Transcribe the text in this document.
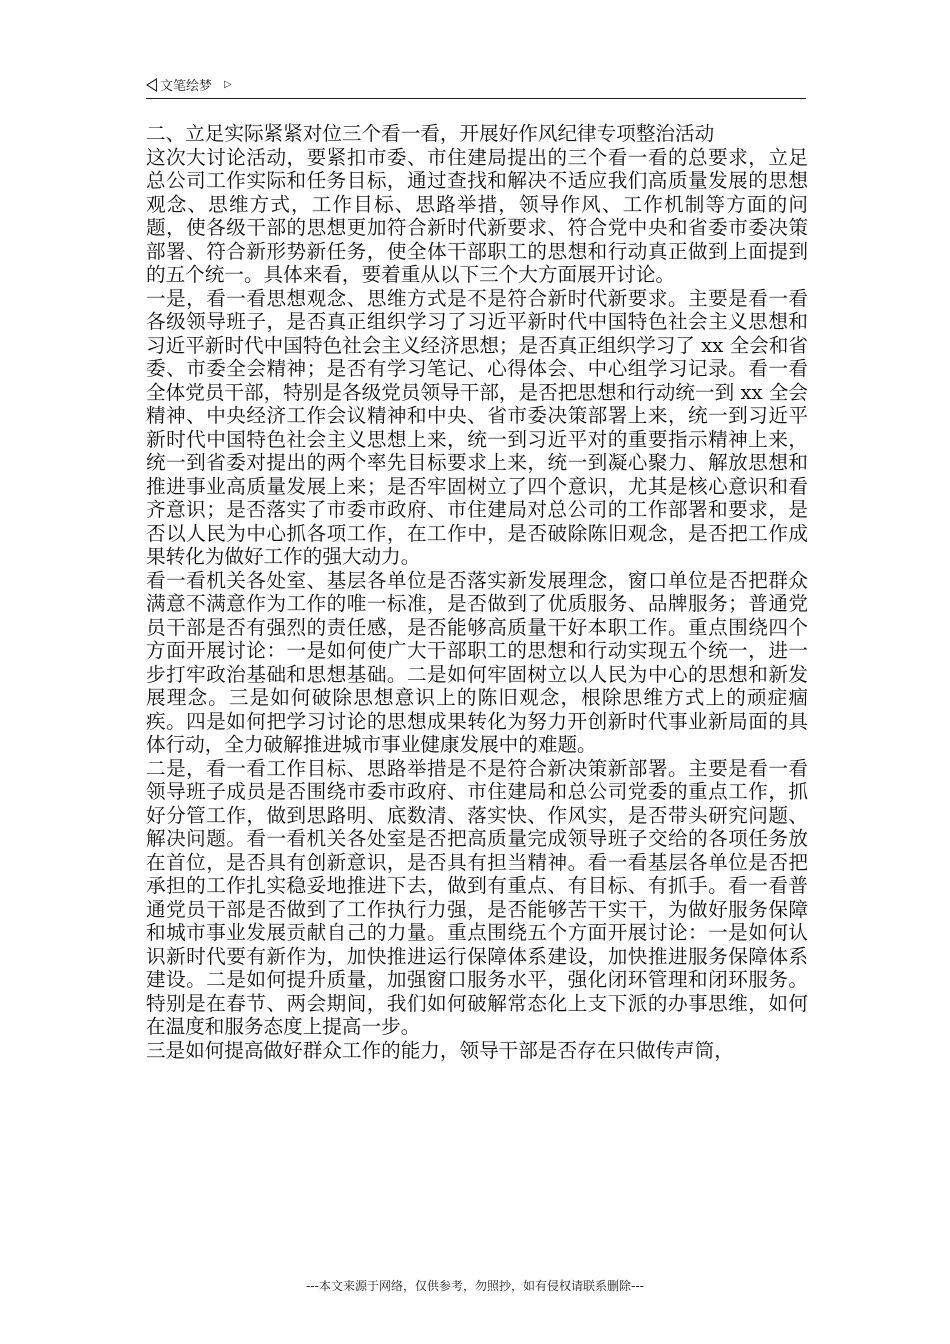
文笔绘梦 ▷

二、立足实际紧紧对位三个看一看，开展好作风纪律专项整治活动

这次大讨论活动，要紧扣市委、市住建局提出的三个看一看的总要求，立足总公司工作实际和任务目标，通过查找和解决不适应我们高质量发展的思想观念、思维方式，工作目标、思路举措，领导作风、工作机制等方面的问题，使各级干部的思想更加符合新时代新要求、符合党中央和省委市委决策部署、符合新形势新任务，使全体干部职工的思想和行动真正做到上面提到的五个统一。具体来看，要着重从以下三个大方面展开讨论。

一是，看一看思想观念、思维方式是不是符合新时代新要求。主要是看一看各级领导班子，是否真正组织学习了习近平新时代中国特色社会主义思想和习近平新时代中国特色社会主义经济思想；是否真正组织学习了 xx 全会和省委、市委全会精神；是否有学习笔记、心得体会、中心组学习记录。看一看全体党员干部，特别是各级党员领导干部，是否把思想和行动统一到 xx 全会精神、中央经济工作会议精神和中央、省市委决策部署上来，统一到习近平新时代中国特色社会主义思想上来，统一到习近平对的重要指示精神上来，统一到省委对提出的两个率先目标要求上来，统一到凝心聚力、解放思想和推进事业高质量发展上来；是否牢固树立了四个意识，尤其是核心意识和看齐意识；是否落实了市委市政府、市住建局对总公司的工作部署和要求，是否以人民为中心抓各项工作，在工作中，是否破除陈旧观念，是否把工作成果转化为做好工作的强大动力。

看一看机关各处室、基层各单位是否落实新发展理念，窗口单位是否把群众满意不满意作为工作的唯一标准，是否做到了优质服务、品牌服务；普通党员干部是否有强烈的责任感，是否能够高质量干好本职工作。重点围绕四个方面开展讨论：一是如何使广大干部职工的思想和行动实现五个统一，进一步打牢政治基础和思想基础。二是如何牢固树立以人民为中心的思想和新发展理念。三是如何破除思想意识上的陈旧观念，根除思维方式上的顽症痼疾。四是如何把学习讨论的思想成果转化为努力开创新时代事业新局面的具体行动，全力破解推进城市事业健康发展中的难题。

二是，看一看工作目标、思路举措是不是符合新决策新部署。主要是看一看领导班子成员是否围绕市委市政府、市住建局和总公司党委的重点工作，抓好分管工作，做到思路明、底数清、落实快、作风实，是否带头研究问题、解决问题。看一看机关各处室是否把高质量完成领导班子交给的各项任务放在首位，是否具有创新意识，是否具有担当精神。看一看基层各单位是否把承担的工作扎实稳妥地推进下去，做到有重点、有目标、有抓手。看一看普通党员干部是否做到了工作执行力强，是否能够苦干实干，为做好服务保障和城市事业发展贡献自己的力量。重点围绕五个方面开展讨论：一是如何认识新时代要有新作为，加快推进运行保障体系建设，加快推进服务保障体系建设。二是如何提升质量，加强窗口服务水平，强化闭环管理和闭环服务。特别是在春节、两会期间，我们如何破解常态化上支下派的办事思维，如何在温度和服务态度上提高一步。

三是如何提高做好群众工作的能力，领导干部是否存在只做传声筒，

---本文来源于网络，仅供参考，勿照抄，如有侵权请联系删除---
